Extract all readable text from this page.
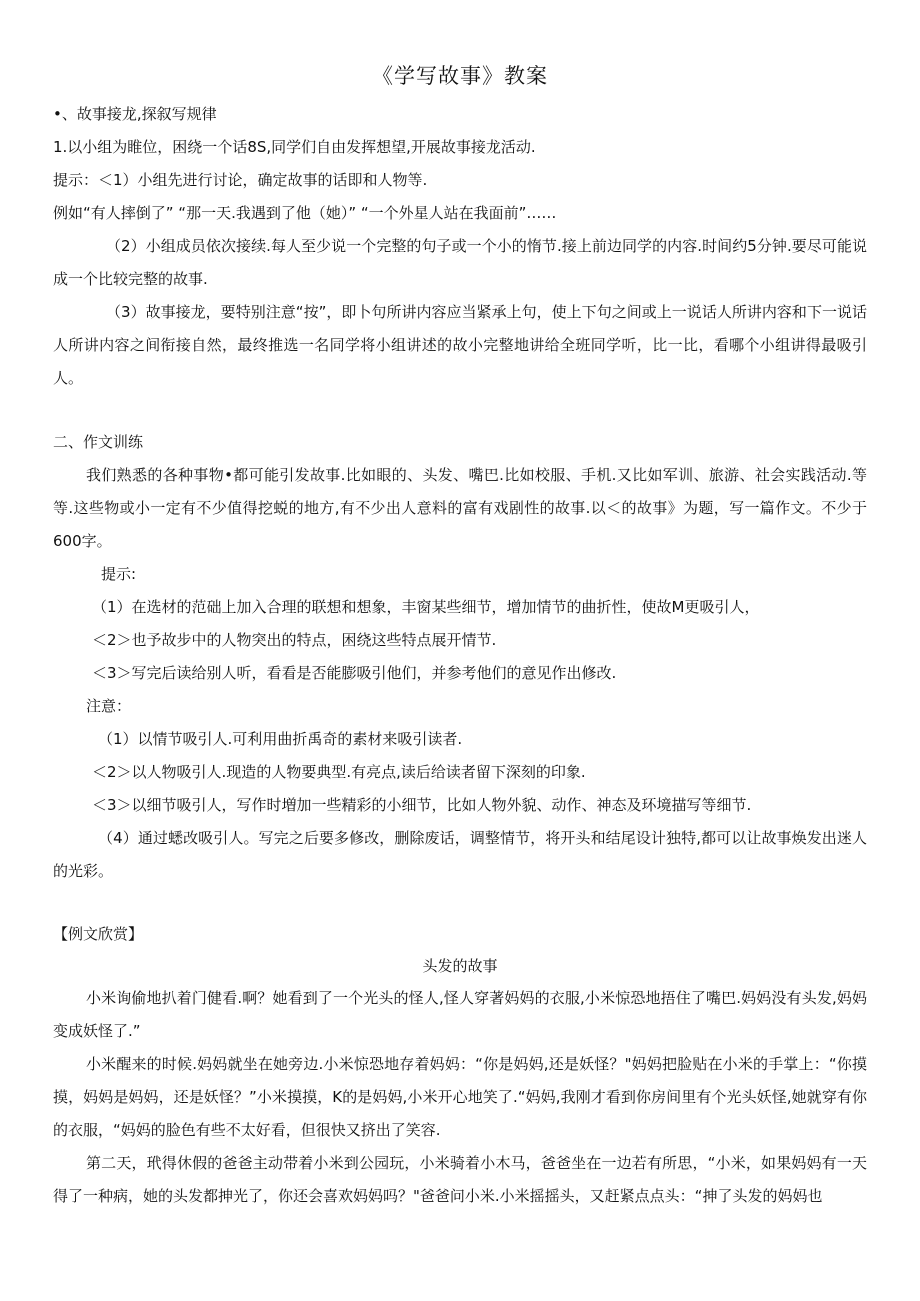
《学写故事》教案

•、故事接龙,探叙写规律

1.以小组为睢位，困绕一个话8S,同学们自由发挥想望,开展故事接龙活动.

提示：＜1）小组先进行讨论，确定故事的话即和人物等.

例如“有人摔倒了” “那一天.我遇到了他（她）” “一个外星人站在我面前”……

（2）小组成员依次接续.每人至少说一个完整的句子或一个小的惰节.接上前边同学的内容.时间约5分钟.要尽可能说成一个比较完整的故事.

（3）故事接龙，要特别注意“按”，即卜句所讲内容应当紧承上句，使上下句之间或上一说话人所讲内容和下一说话人所讲内容之间衔接自然，最终推选一名同学将小组讲述的故小完整地讲给全班同学听，比一比，看哪个小组讲得最吸引人。

二、作文训练

我们熟悉的各种事物•都可能引发故事.比如眼的、头发、嘴巴.比如校服、手机.又比如军训、旅游、社会实践活动.等等.这些物或小一定有不少值得挖蜕的地方,有不少出人意料的富有戏剧性的故事.以＜的故事》为题，写一篇作文。不少于600字。

提示:

（1）在选材的范础上加入合理的联想和想象，丰窗某些细节，增加情节的曲折性，使故M更吸引人，

＜2＞也予故步中的人物突出的特点，困绕这些特点展开情节.

＜3＞写完后读给别人听，看看是否能膨吸引他们，并参考他们的意见作出修改.

注意：

（1）以情节吸引人.可利用曲折禹奇的素材来吸引读者.

＜2＞以人物吸引人.现造的人物要典型.有亮点,读后给读者留下深刻的印象.

＜3＞以细节吸引人，写作时増加一些精彩的小细节，比如人物外貌、动作、神态及环境描写等细节.

（4）通过蟋改吸引人。写完之后要多修改，删除废话，调整情节，将开头和结尾设计独特,都可以让故事焕发出迷人的光彩。

【例文欣赏】

头发的故事

小米询偷地扒着门健看.啊？她看到了一个光头的怪人,怪人穿著妈妈的衣服,小米惊恐地捂住了嘴巴.妈妈没有头发,妈妈变成妖怪了.”

小米醒来的时候.妈妈就坐在她旁边.小米惊恐地存着妈妈：“你是妈妈,还是妖怪？"妈妈把脸贴在小米的手掌上：“你摸摸，妈妈是妈妈，还是妖怪？”小米摸摸，K的是妈妈,小米开心地笑了.“妈妈,我刚才看到你房间里有个光头妖怪,她就穿有你的衣服，“妈妈的脸色有些不太好看，但很快又挤出了笑容.

第二天，玳得休假的爸爸主动带着小米到公园玩，小米骑着小木马，爸爸坐在一边若有所思，“小米，如果妈妈有一天得了一种病，她的头发都抻光了，你还会喜欢妈妈吗？"爸爸问小米.小米摇摇头，又赶紧点点头：“抻了头发的妈妈也
